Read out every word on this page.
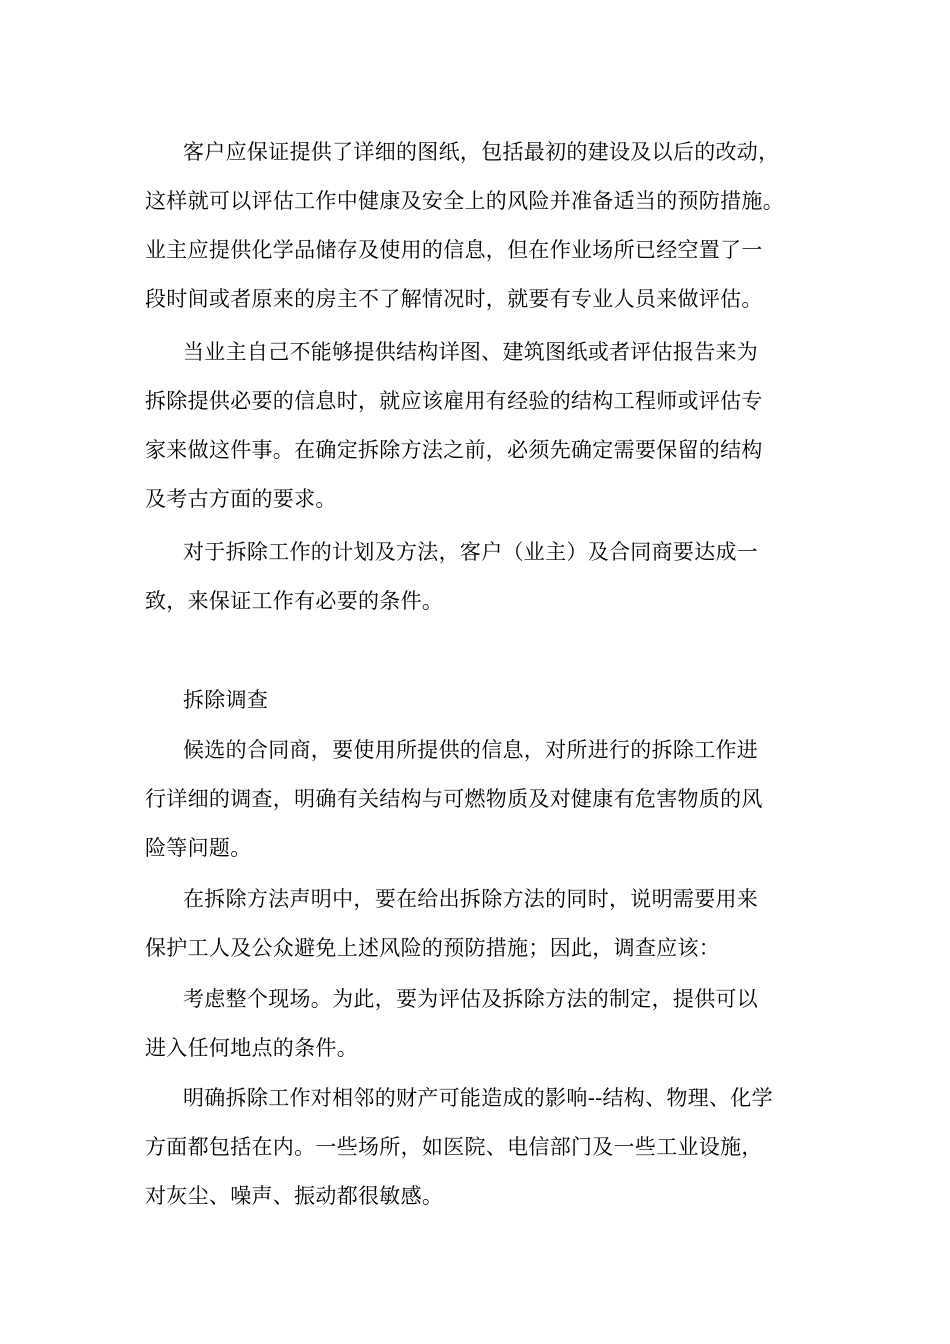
客户应保证提供了详细的图纸，包括最初的建设及以后的改动，
这样就可以评估工作中健康及安全上的风险并准备适当的预防措施。
业主应提供化学品储存及使用的信息，但在作业场所已经空置了一
段时间或者原来的房主不了解情况时，就要有专业人员来做评估。
当业主自己不能够提供结构详图、建筑图纸或者评估报告来为
拆除提供必要的信息时，就应该雇用有经验的结构工程师或评估专
家来做这件事。在确定拆除方法之前，必须先确定需要保留的结构
及考古方面的要求。
对于拆除工作的计划及方法，客户（业主）及合同商要达成一
致，来保证工作有必要的条件。
拆除调查
候选的合同商，要使用所提供的信息，对所进行的拆除工作进
行详细的调查，明确有关结构与可燃物质及对健康有危害物质的风
险等问题。
在拆除方法声明中，要在给出拆除方法的同时，说明需要用来
保护工人及公众避免上述风险的预防措施；因此，调查应该：
考虑整个现场。为此，要为评估及拆除方法的制定，提供可以
进入任何地点的条件。
明确拆除工作对相邻的财产可能造成的影响--结构、物理、化学
方面都包括在内。一些场所，如医院、电信部门及一些工业设施，
对灰尘、噪声、振动都很敏感。
